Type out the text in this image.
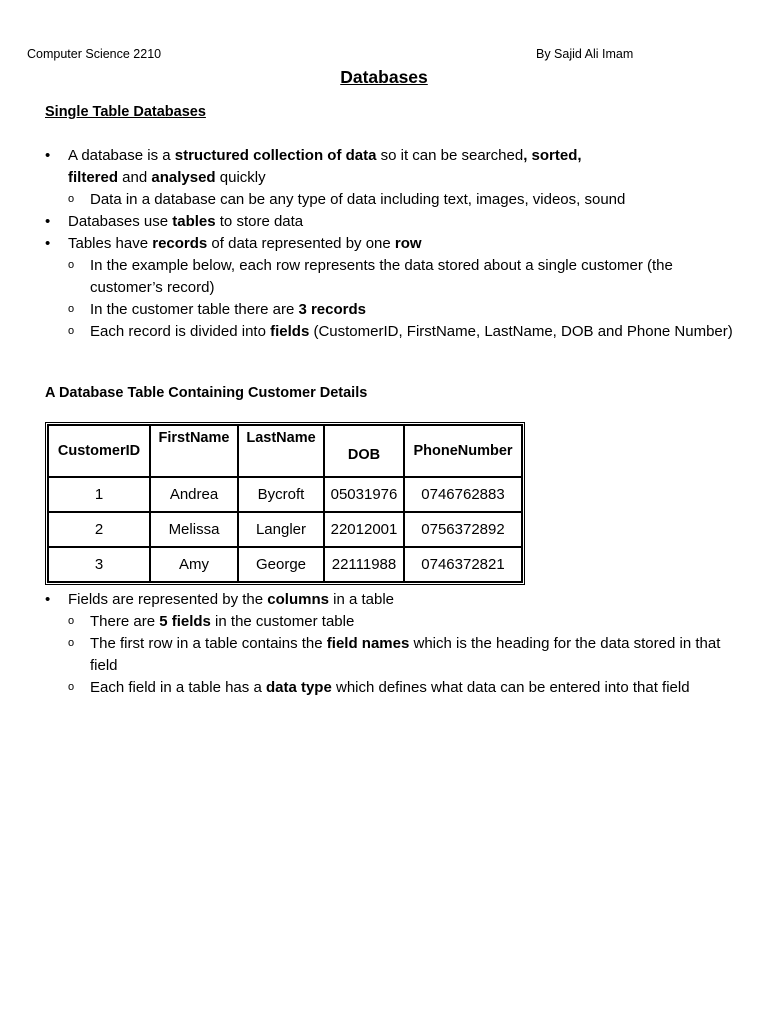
Computer Science 2210	By Sajid Ali Imam
Databases
Single Table Databases
• A database is a structured collection of data so it can be searched, sorted,
filtered and analysed quickly
o Data in a database can be any type of data including text, images, videos, sound
• Databases use tables to store data
• Tables have records of data represented by one row
o In the example below, each row represents the data stored about a single customer (the customer’s record)
o In the customer table there are 3 records
o Each record is divided into fields (CustomerID, FirstName, LastName, DOB and Phone Number)
A Database Table Containing Customer Details
CustomerID	FirstName	LastName	DOB	PhoneNumber
1	Andrea	Bycroft	05031976	0746762883
2	Melissa	Langler	22012001	0756372892
3	Amy	George	22111988	0746372821
• Fields are represented by the columns in a table
o There are 5 fields in the customer table
o The first row in a table contains the field names which is the heading for the data stored in that field
o Each field in a table has a data type which defines what data can be entered into that field
